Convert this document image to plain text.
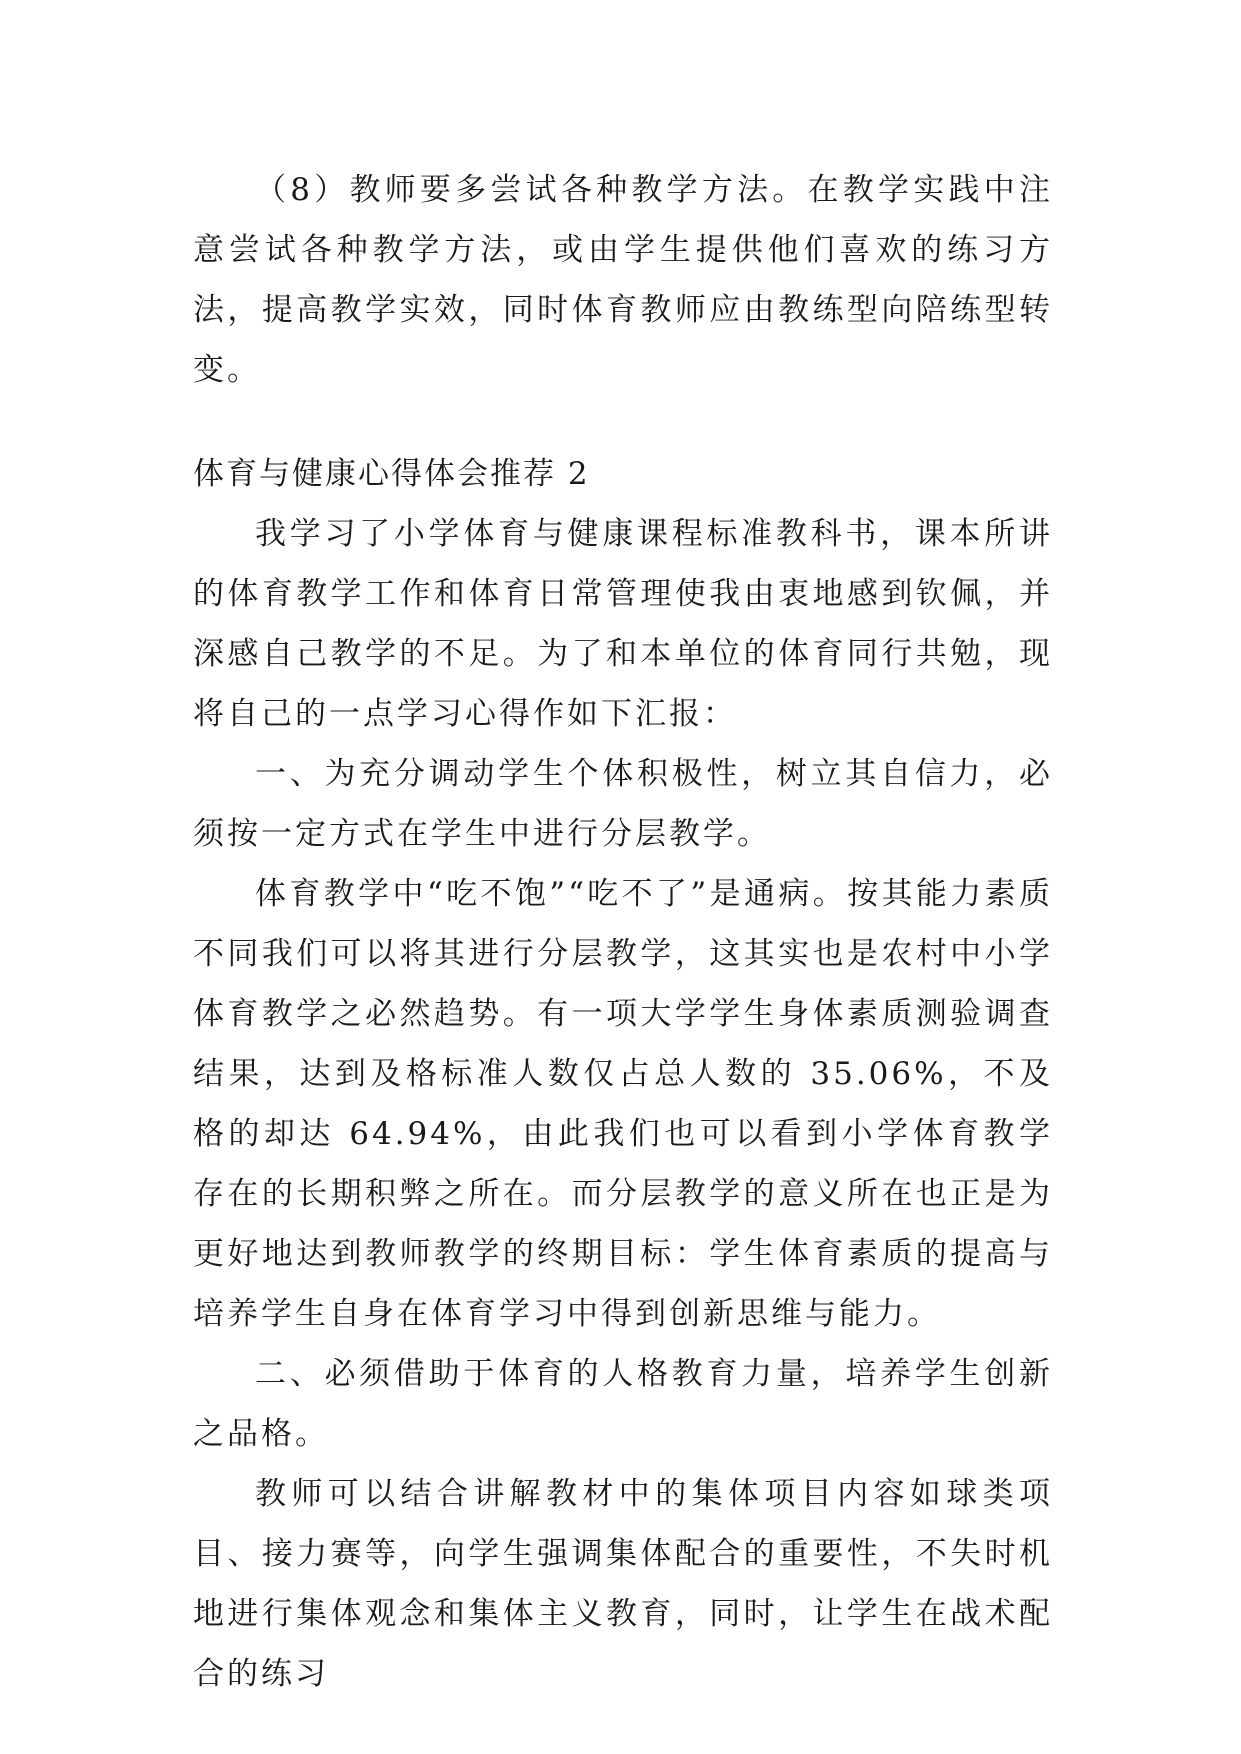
（8）教师要多尝试各种教学方法。在教学实践中注意尝试各种教学方法，或由学生提供他们喜欢的练习方法，提高教学实效，同时体育教师应由教练型向陪练型转变。

体育与健康心得体会推荐 2

我学习了小学体育与健康课程标准教科书，课本所讲的体育教学工作和体育日常管理使我由衷地感到钦佩，并深感自己教学的不足。为了和本单位的体育同行共勉，现将自己的一点学习心得作如下汇报：

一、为充分调动学生个体积极性，树立其自信力，必须按一定方式在学生中进行分层教学。

体育教学中“吃不饱”“吃不了”是通病。按其能力素质不同我们可以将其进行分层教学，这其实也是农村中小学体育教学之必然趋势。有一项大学学生身体素质测验调查结果，达到及格标准人数仅占总人数的 35.06%，不及格的却达 64.94%，由此我们也可以看到小学体育教学存在的长期积弊之所在。而分层教学的意义所在也正是为更好地达到教师教学的终期目标：学生体育素质的提高与培养学生自身在体育学习中得到创新思维与能力。

二、必须借助于体育的人格教育力量，培养学生创新之品格。

教师可以结合讲解教材中的集体项目内容如球类项目、接力赛等，向学生强调集体配合的重要性，不失时机地进行集体观念和集体主义教育，同时，让学生在战术配合的练习
